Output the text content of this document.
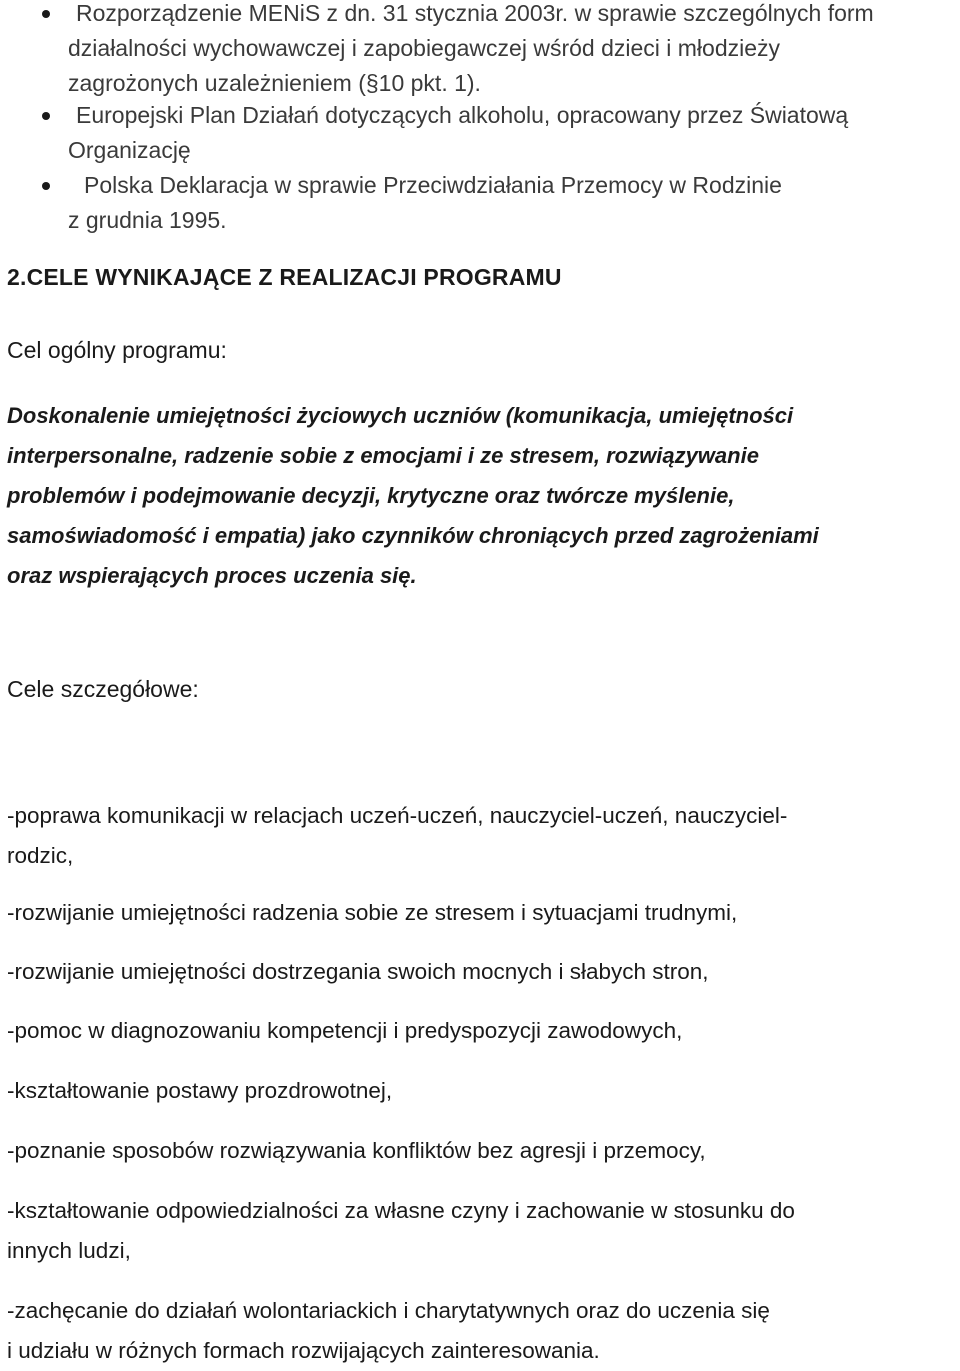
Rozporządzenie MENiS z dn. 31 stycznia 2003r. w sprawie szczególnych form
działalności wychowawczej i zapobiegawczej wśród dzieci i młodzieży
zagrożonych uzależnieniem (§10 pkt. 1).
Europejski Plan Działań dotyczących alkoholu, opracowany przez Światową
Organizację
Polska Deklaracja w sprawie Przeciwdziałania Przemocy w Rodzinie
z grudnia 1995.
2.CELE WYNIKAJĄCE Z REALIZACJI PROGRAMU
Cel ogólny programu:
Doskonalenie umiejętności życiowych uczniów (komunikacja, umiejętności
interpersonalne, radzenie sobie z emocjami i ze stresem, rozwiązywanie
problemów i podejmowanie decyzji, krytyczne oraz twórcze myślenie,
samoświadomość i empatia) jako czynników chroniących przed zagrożeniami
oraz wspierających proces uczenia się.
Cele szczegółowe:
-poprawa komunikacji w relacjach uczeń-uczeń, nauczyciel-uczeń, nauczyciel-
rodzic,
-rozwijanie umiejętności radzenia sobie ze stresem i sytuacjami trudnymi,
-rozwijanie umiejętności dostrzegania swoich mocnych i słabych stron,
-pomoc w diagnozowaniu kompetencji i predyspozycji zawodowych,
-kształtowanie postawy prozdrowotnej,
-poznanie sposobów rozwiązywania konfliktów bez agresji i przemocy,
-kształtowanie odpowiedzialności za własne czyny i zachowanie w stosunku do
innych ludzi,
-zachęcanie do działań wolontariackich i charytatywnych oraz do uczenia się
i udziału w różnych formach rozwijających zainteresowania.
